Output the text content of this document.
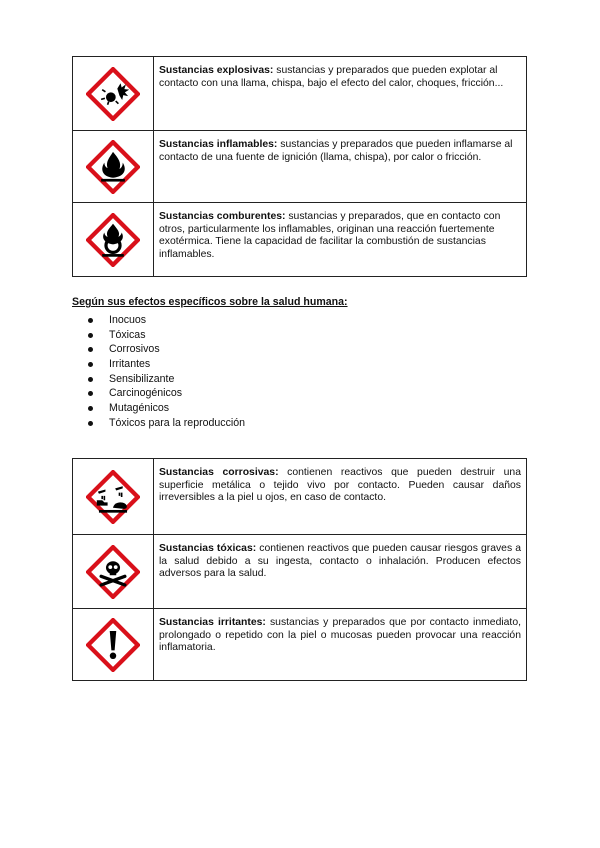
	Sustancias explosivas: sustancias y preparados que pueden explotar al contacto con una llama, chispa, bajo el efecto del calor, choques, fricción...

	Sustancias inflamables: sustancias y preparados que pueden inflamarse al contacto de una fuente de ignición (llama, chispa), por calor o fricción.

	Sustancias comburentes: sustancias y preparados, que en contacto con otros, particularmente los inflamables, originan una reacción fuertemente exotérmica. Tiene la capacidad de facilitar la combustión de sustancias inflamables.
Según sus efectos específicos sobre la salud humana:
Inocuos
Tóxicas
Corrosivos
Irritantes
Sensibilizante
Carcinogénicos
Mutagénicos
Tóxicos para la reproducción
	Sustancias corrosivas: contienen reactivos que pueden destruir una superficie metálica o tejido vivo por contacto. Pueden causar daños irreversibles a la piel u ojos, en caso de contacto.

	Sustancias tóxicas: contienen reactivos que pueden causar riesgos graves a la salud debido a su ingesta, contacto o inhalación. Producen efectos adversos para la salud.

	Sustancias irritantes: sustancias y preparados que por contacto inmediato, prolongado o repetido con la piel o mucosas pueden provocar una reacción inflamatoria.
